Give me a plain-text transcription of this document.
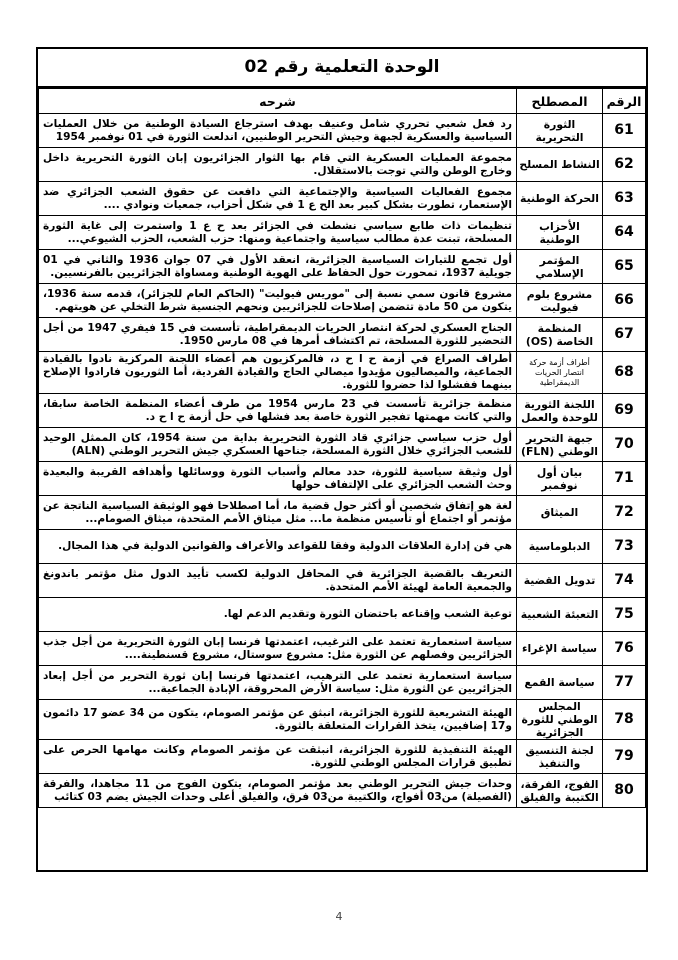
الوحدة التعلمية رقم 02
الرقم	المصطلح	شرحه
61	الثورة التحريرية	رد فعل شعبي تحرري شامل وعنيف بهدف استرجاع السيادة الوطنية من خلال العمليات السياسية والعسكرية لجبهة وجيش التحرير الوطنيين، اندلعت الثورة في 01 نوفمبر 1954
62	النشاط المسلح	مجموعة العمليات العسكرية التي قام بها الثوار الجزائريون إبان الثورة التحريرية داخل وخارج الوطن والتي توجت بالاستقلال.
63	الحركة الوطنية	مجموع الفعاليات السياسية والإجتماعية التي دافعت عن حقوق الشعب الجزائري ضد الإستعمار، تطورت بشكل كبير بعد الح ع 1 في شكل أحزاب، جمعيات ونوادي ....
64	الأحزاب الوطنية	تنظيمات ذات طابع سياسي نشطت في الجزائر بعد ح ع 1 واستمرت إلى غاية الثورة المسلحة، تبنت عدة مطالب سياسية واجتماعية ومنها: حزب الشعب، الحزب الشيوعي...
65	المؤتمر الإسلامي	أول تجمع للتيارات السياسية الجزائرية، انعقد الأول في 07 جوان 1936 والثاني في 01 جويلية 1937، تمحورت حول الحفاظ على الهوية الوطنية ومساواة الجزائريين بالفرنسيين.
66	مشروع بلوم فيوليت	مشروع قانون سمي نسبة إلى "موريس فيوليت" (الحاكم العام للجزائر)، قدمه سنة 1936، يتكون من 50 مادة تتضمن إصلاحات للجزائريين ونحهم الجنسية شرط التخلي عن هويتهم.
67	المنظمة الخاصة (OS)	الجناح العسكري لحركة انتصار الحريات الديمقراطية، تأسست في 15 فيفري 1947 من أجل التحضير للثورة المسلحة، تم اكتشاف أمرها في 08 مارس 1950.
68	أطراف أزمة حركة انتصار الحريات الديمقراطية	أطراف الصراع في أزمة ح ا ح د، فالمركزيون هم أعضاء اللجنة المركزية نادوا بالقيادة الجماعية، والميصاليون مؤيدوا ميصالي الحاج والقيادة الفردية، أما الثوريون فارادوا الإصلاح بينهما ففشلوا لذا حضروا للثورة.
69	اللجنة الثورية للوحدة والعمل	منظمة جزائرية تأسست في 23 مارس 1954 من طرف أعضاء المنظمة الخاصة سابقا، والتي كانت مهمتها تفجير الثورة خاصة بعد فشلها في حل أزمة ح ا ح د.
70	جبهة التحرير الوطني (FLN)	أول حزب سياسي جزائري قاد الثورة التحريرية بداية من سنة 1954، كان الممثل الوحيد للشعب الجزائري خلال الثورة المسلحة، جناحها العسكري جيش التحرير الوطني (ALN)
71	بيان أول نوفمبر	أول وثيقة سياسية للثورة، حدد معالم وأسباب الثورة ووسائلها وأهدافه القريبة والبعيدة وحث الشعب الجزائري على الإلتفاف حولها
72	الميثاق	لغة هو إتفاق شخصين أو أكثر حول قضية ما، أما اصطلاحا فهو الوثيقة السياسية الناتجة عن مؤتمر أو اجتماع أو تأسيس منظمة ما... مثل ميثاق الأمم المتحدة، ميثاق الصومام...
73	الدبلوماسية	هي فن إدارة العلاقات الدولية وفقا للقواعد والأعراف والقوانين الدولية في هذا المجال.
74	تدويل القضية	التعريف بالقضية الجزائرية في المحافل الدولية لكسب تأييد الدول مثل مؤتمر باندونغ والجمعية العامة لهيئة الأمم المتحدة.
75	التعبئة الشعبية	توعية الشعب وإقناعه باحتضان الثورة وتقديم الدعم لها.
76	سياسة الإغراء	سياسة استعمارية تعتمد على الترغيب، اعتمدتها فرنسا إبان الثورة التحريرية من أجل جذب الجزائريين وفصلهم عن الثورة مثل: مشروع سوستال، مشروع قسنطينة....
77	سياسة القمع	سياسة استعمارية تعتمد على الترهيب، اعتمدتها فرنسا إبان ثورة التحرير من أجل إبعاد الجزائريين عن الثورة مثل: سياسة الأرض المحروقة، الإبادة الجماعية...
78	المجلس الوطني للثورة الجزائرية	الهيئة التشريعية للثورة الجزائرية، انبثق عن مؤتمر الصومام، يتكون من 34 عضو 17 دائمون و17 إضافيين، يتخذ القرارات المتعلقة بالثورة.
79	لجنة التنسيق والتنفيذ	الهيئة التنفيذية للثورة الجزائرية، انبثقت عن مؤتمر الصومام وكانت مهامها الحرص على تطبيق قرارات المجلس الوطني للثورة.
80	الفوج، الفرقة، الكتيبة والفيلق	وحدات جيش التحرير الوطني بعد مؤتمر الصومام، يتكون الفوج من 11 مجاهدا، والفرقة (الفصيلة) من03 أفواج، والكتيبة من03 فرق، والفيلق أعلى وحدات الجيش يضم 03 كتائب
4
